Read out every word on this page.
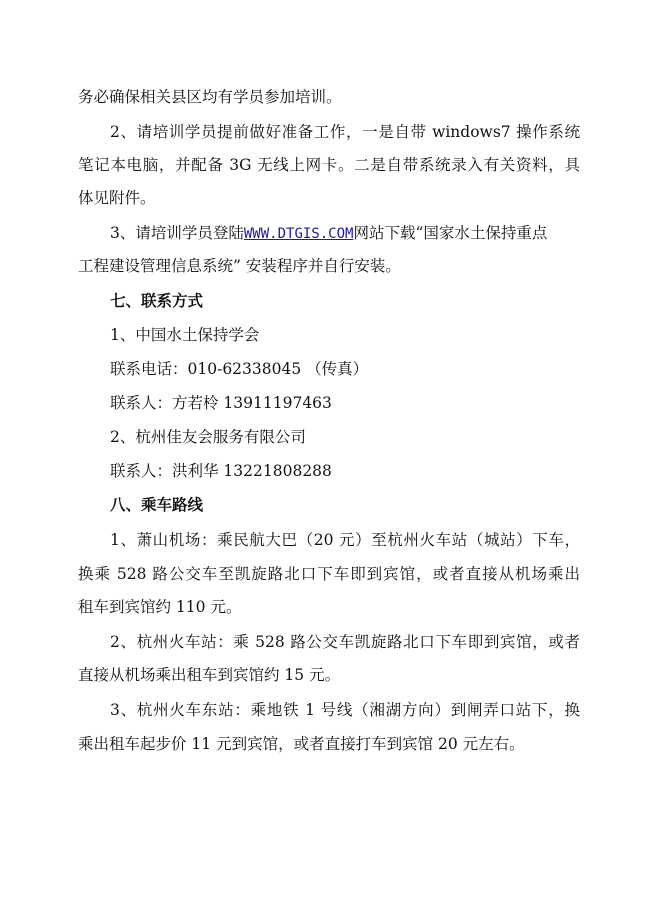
务必确保相关县区均有学员参加培训。
2、请培训学员提前做好准备工作，一是自带 windows7 操作系统
笔记本电脑，并配备 3G 无线上网卡。二是自带系统录入有关资料，具
体见附件。
3、请培训学员登陆WWW.DTGIS.COM网站下载“国家水土保持重点
工程建设管理信息系统” 安装程序并自行安装。
七、联系方式
1、中国水土保持学会
联系电话：010-62338045 （传真）
联系人：方若柃 13911197463
2、杭州佳友会服务有限公司
联系人：洪利华 13221808288
八、乘车路线
1、萧山机场：乘民航大巴（20 元）至杭州火车站（城站）下车，
换乘 528 路公交车至凯旋路北口下车即到宾馆，或者直接从机场乘出
租车到宾馆约 110 元。
2、杭州火车站：乘 528 路公交车凯旋路北口下车即到宾馆，或者
直接从机场乘出租车到宾馆约 15 元。
3、杭州火车东站：乘地铁 1 号线（湘湖方向）到闸弄口站下，换
乘出租车起步价 11 元到宾馆，或者直接打车到宾馆 20 元左右。
